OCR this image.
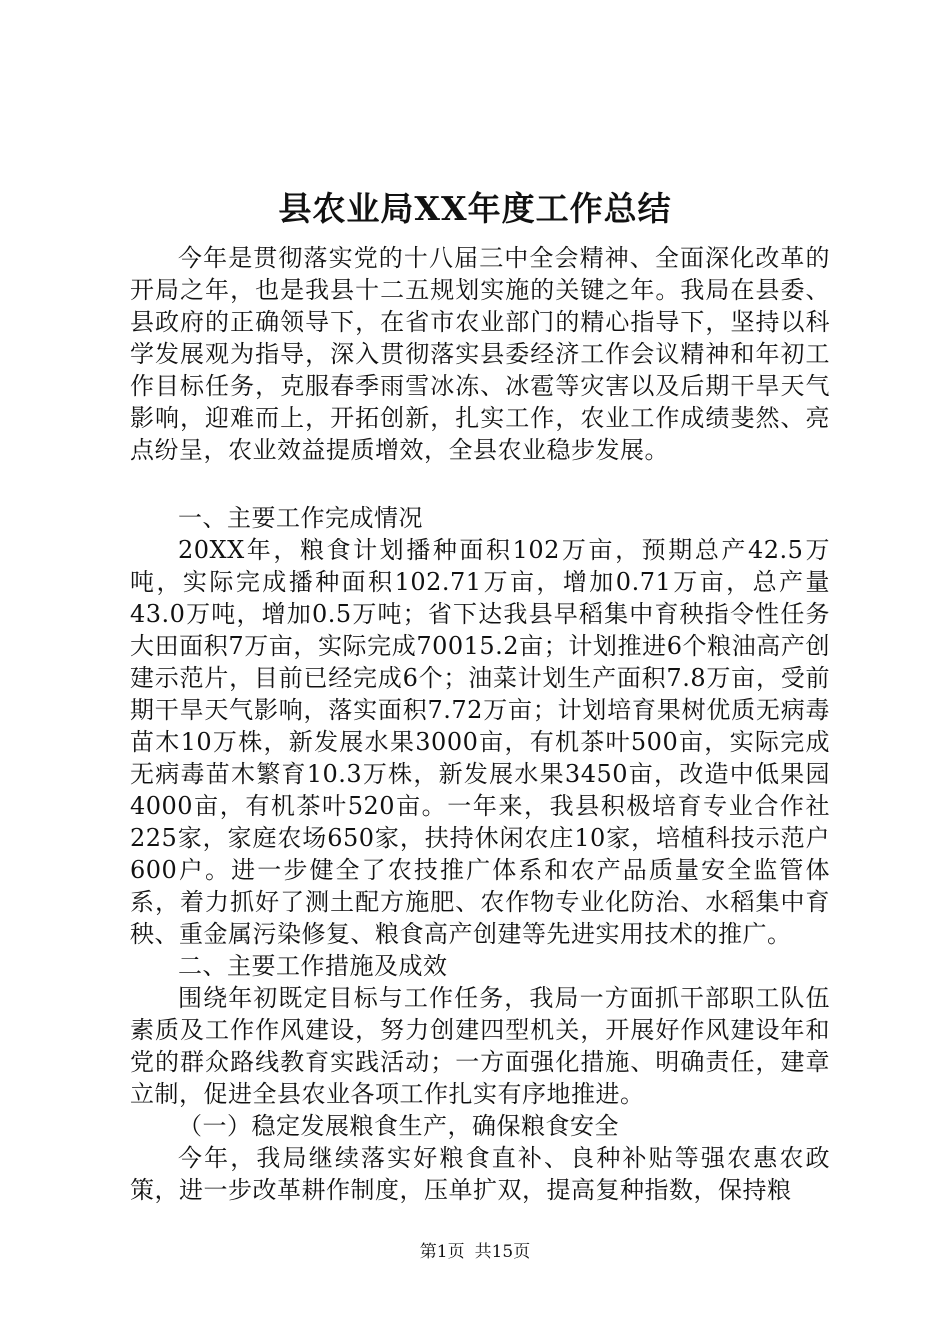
县农业局XX年度工作总结

今年是贯彻落实党的十八届三中全会精神、全面深化改革的开局之年，也是我县十二五规划实施的关键之年。我局在县委、县政府的正确领导下，在省市农业部门的精心指导下，坚持以科学发展观为指导，深入贯彻落实县委经济工作会议精神和年初工作目标任务，克服春季雨雪冰冻、冰雹等灾害以及后期干旱天气影响，迎难而上，开拓创新，扎实工作，农业工作成绩斐然、亮点纷呈，农业效益提质增效，全县农业稳步发展。

一、主要工作完成情况

20XX年，粮食计划播种面积102万亩，预期总产42.5万吨，实际完成播种面积102.71万亩，增加0.71万亩，总产量43.0万吨，增加0.5万吨；省下达我县早稻集中育秧指令性任务大田面积7万亩，实际完成70015.2亩；计划推进6个粮油高产创建示范片，目前已经完成6个；油菜计划生产面积7.8万亩，受前期干旱天气影响，落实面积7.72万亩；计划培育果树优质无病毒苗木10万株，新发展水果3000亩，有机茶叶500亩，实际完成无病毒苗木繁育10.3万株，新发展水果3450亩，改造中低果园4000亩，有机茶叶520亩。一年来，我县积极培育专业合作社225家，家庭农场650家，扶持休闲农庄10家，培植科技示范户600户。进一步健全了农技推广体系和农产品质量安全监管体系，着力抓好了测土配方施肥、农作物专业化防治、水稻集中育秧、重金属污染修复、粮食高产创建等先进实用技术的推广。

二、主要工作措施及成效

围绕年初既定目标与工作任务，我局一方面抓干部职工队伍素质及工作作风建设，努力创建四型机关，开展好作风建设年和党的群众路线教育实践活动；一方面强化措施、明确责任，建章立制，促进全县农业各项工作扎实有序地推进。

（一）稳定发展粮食生产，确保粮食安全

今年，我局继续落实好粮食直补、良种补贴等强农惠农政策，进一步改革耕作制度，压单扩双，提高复种指数，保持粮

第1页 共15页
